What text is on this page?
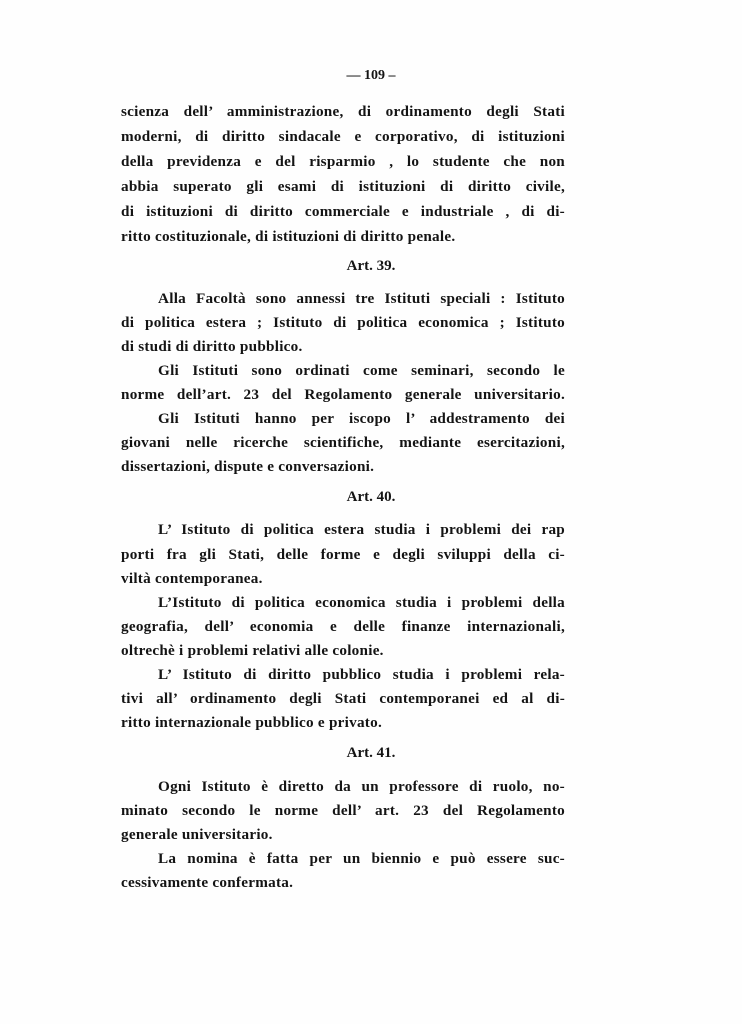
— 109 –
scienza dell’ amministrazione, di ordinamento degli Stati
moderni, di diritto sindacale e corporativo, di istituzioni
della previdenza e del risparmio , lo studente che non
abbia superato gli esami di istituzioni di diritto civile,
di istituzioni di diritto commerciale e industriale , di di-
ritto costituzionale, di istituzioni di diritto penale.
Art. 39.
Alla Facoltà sono annessi tre Istituti speciali : Istituto
di politica estera ; Istituto di politica economica ; Istituto
di studi di diritto pubblico.
Gli Istituti sono ordinati come seminari, secondo le
norme dell’art. 23 del Regolamento generale universitario.
Gli Istituti hanno per iscopo l’ addestramento dei
giovani nelle ricerche scientifiche, mediante esercitazioni,
dissertazioni, dispute e conversazioni.
Art. 40.
L’ Istituto di politica estera studia i problemi dei rap
porti fra gli Stati, delle forme e degli sviluppi della ci-
viltà contemporanea.
L’Istituto di politica economica studia i problemi della
geografia, dell’ economia e delle finanze internazionali,
oltrechè i problemi relativi alle colonie.
L’ Istituto di diritto pubblico studia i problemi rela-
tivi all’ ordinamento degli Stati contemporanei ed al di-
ritto internazionale pubblico e privato.
Art. 41.
Ogni Istituto è diretto da un professore di ruolo, no-
minato secondo le norme dell’ art. 23 del Regolamento
generale universitario.
La nomina è fatta per un biennio e può essere suc-
cessivamente confermata.
